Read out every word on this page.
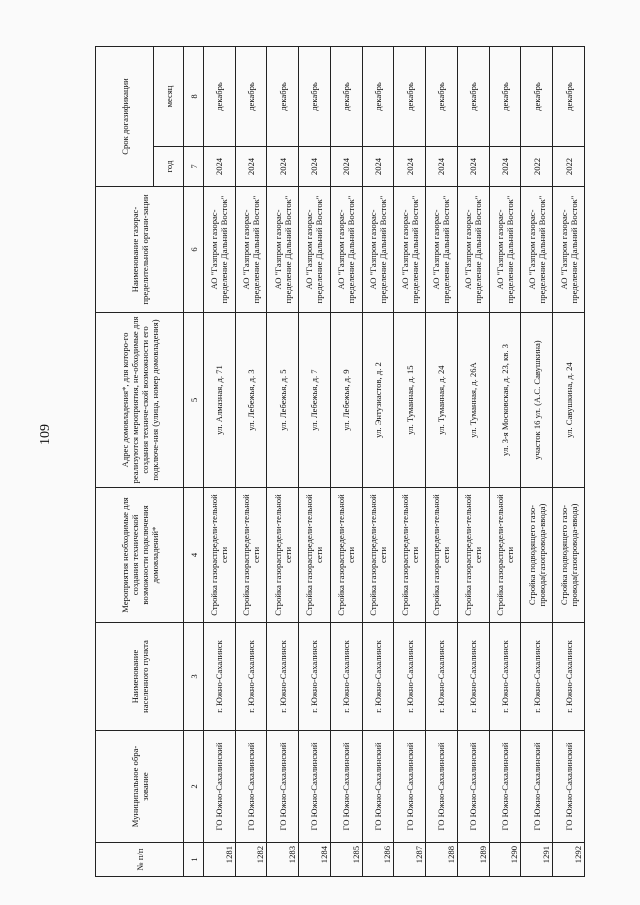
109
№ п/п	Муниципальное обра-зование	Наименование населенного пункта	Мероприятия необходимые для создания технической возможности подключения домовладений*	Адрес домовладения*, для которо-го реализуются мероприятия, не-обходимые для создания техниче-ской возможности его подключе-ния (улица, номер домовладения)	Наименование газорас-пределительной органи-зации	Срок догазификации	
						год	месяц
1	2	3	4	5	6	7	8
1281	ГО Южно-Сахалинский	г. Южно-Сахалинск	Стройка газораспредели-тельной сети	ул. Алмазная, д. 71	АО "Газпром газорас-пределение Дальний Восток"	2024	декабрь
1282	ГО Южно-Сахалинский	г. Южно-Сахалинск	Стройка газораспредели-тельной сети	ул. Лебежья, д. 3	АО "Газпром газорас-пределение Дальний Восток"	2024	декабрь
1283	ГО Южно-Сахалинский	г. Южно-Сахалинск	Стройка газораспредели-тельной сети	ул. Лебежья, д. 5	АО "Газпром газорас-пределение Дальний Восток"	2024	декабрь
1284	ГО Южно-Сахалинский	г. Южно-Сахалинск	Стройка газораспредели-тельной сети	ул. Лебежья, д. 7	АО "Газпром газорас-пределение Дальний Восток"	2024	декабрь
1285	ГО Южно-Сахалинский	г. Южно-Сахалинск	Стройка газораспредели-тельной сети	ул. Лебежья, д. 9	АО "Газпром газорас-пределение Дальний Восток"	2024	декабрь
1286	ГО Южно-Сахалинский	г. Южно-Сахалинск	Стройка газораспредели-тельной сети	ул. Энтузиастов, д. 2	АО "Газпром газорас-пределение Дальний Восток"	2024	декабрь
1287	ГО Южно-Сахалинский	г. Южно-Сахалинск	Стройка газораспредели-тельной сети	ул. Туманная, д. 15	АО "Газпром газорас-пределение Дальний Восток"	2024	декабрь
1288	ГО Южно-Сахалинский	г. Южно-Сахалинск	Стройка газораспредели-тельной сети	ул. Туманная, д. 24	АО "Газпром газорас-пределение Дальний Восток"	2024	декабрь
1289	ГО Южно-Сахалинский	г. Южно-Сахалинск	Стройка газораспредели-тельной сети	ул. Туманная, д. 26А	АО "Газпром газорас-пределение Дальний Восток"	2024	декабрь
1290	ГО Южно-Сахалинский	г. Южно-Сахалинск	Стройка газораспредели-тельной сети	ул. 3-я Московская, д. 23, кв. 3	АО "Газпром газорас-пределение Дальний Восток"	2024	декабрь
1291	ГО Южно-Сахалинский	г. Южно-Сахалинск	Стройка подводящего газо-провода(газопровода-ввода)	участок 16 ул. (А.С. Савушкина)	АО "Газпром газорас-пределение Дальний Восток"	2022	декабрь
1292	ГО Южно-Сахалинский	г. Южно-Сахалинск	Стройка подводящего газо-провода(газопровода-ввода)	ул. Савушкина, д. 24	АО "Газпром газорас-пределение Дальний Восток"	2022	декабрь
